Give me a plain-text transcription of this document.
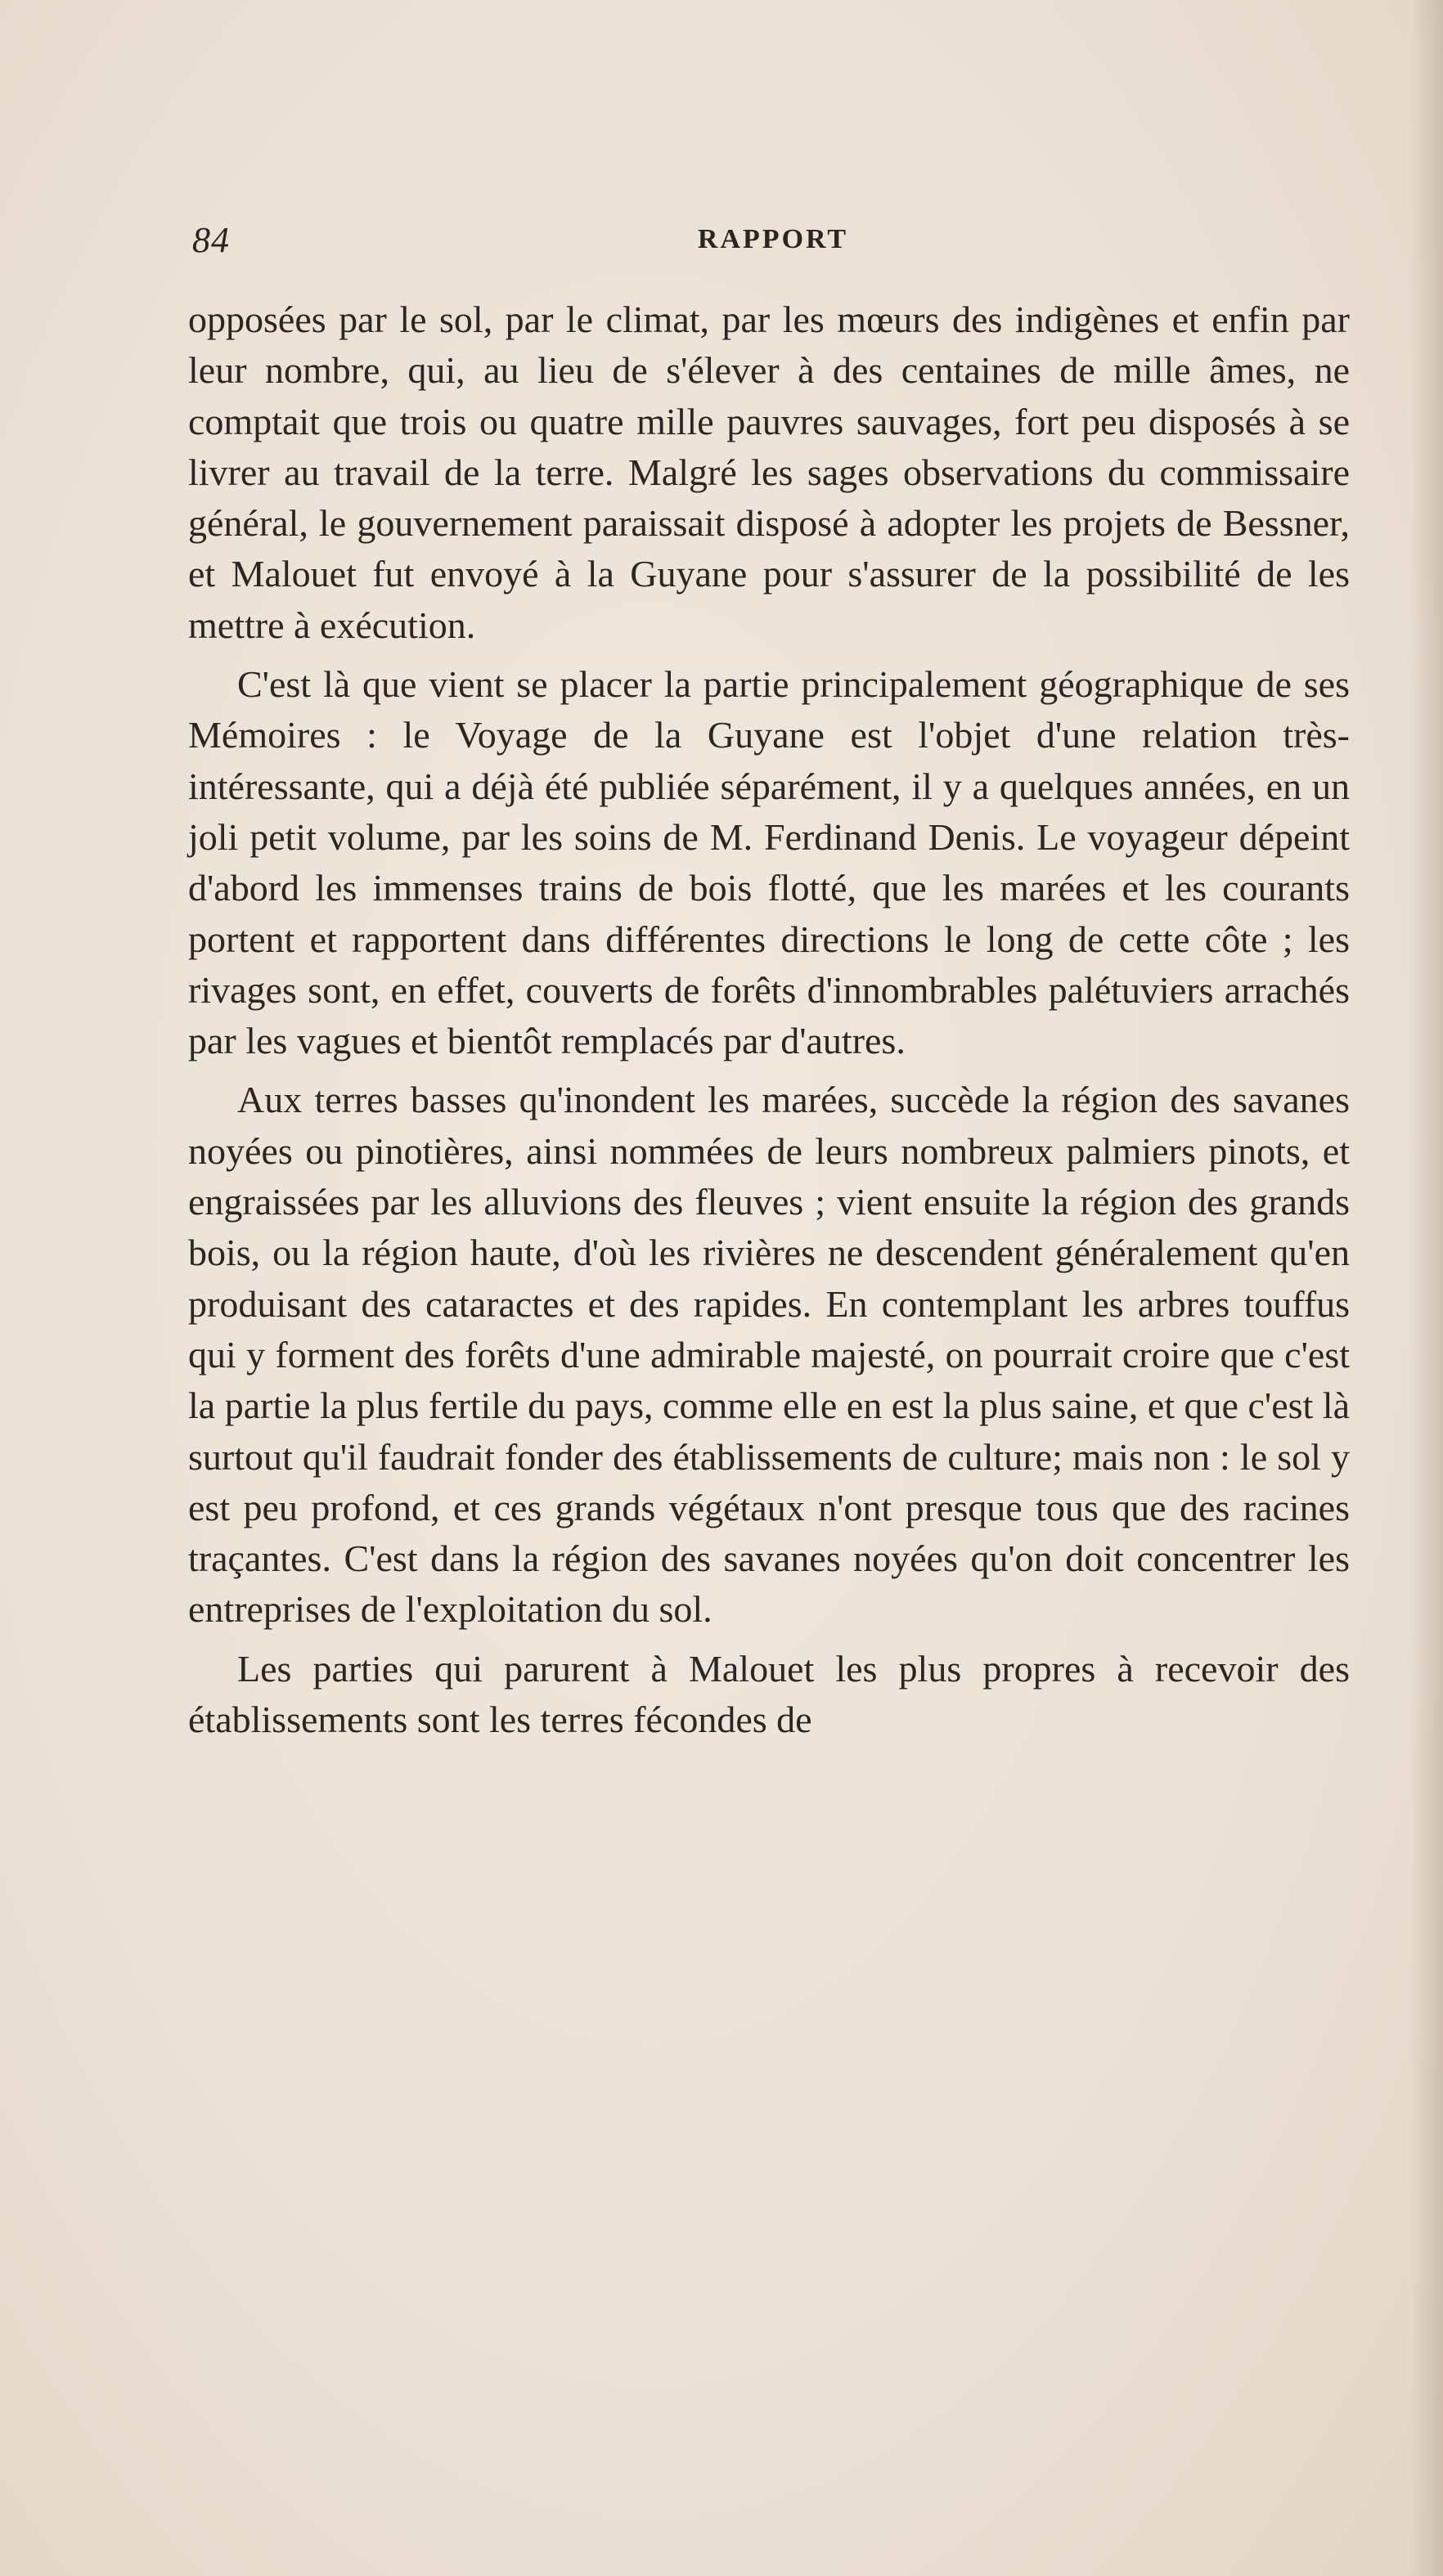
84	RAPPORT

opposées par le sol, par le climat, par les mœurs des indigènes et enfin par leur nombre, qui, au lieu de s'élever à des centaines de mille âmes, ne comptait que trois ou quatre mille pauvres sauvages, fort peu disposés à se livrer au travail de la terre. Malgré les sages observations du commissaire général, le gouvernement paraissait disposé à adopter les projets de Bessner, et Malouet fut envoyé à la Guyane pour s'assurer de la possibilité de les mettre à exécution.

C'est là que vient se placer la partie principalement géographique de ses Mémoires : le Voyage de la Guyane est l'objet d'une relation très-intéressante, qui a déjà été publiée séparément, il y a quelques années, en un joli petit volume, par les soins de M. Ferdinand Denis. Le voyageur dépeint d'abord les immenses trains de bois flotté, que les marées et les courants portent et rapportent dans différentes directions le long de cette côte ; les rivages sont, en effet, couverts de forêts d'innombrables palétuviers arrachés par les vagues et bientôt remplacés par d'autres.

Aux terres basses qu'inondent les marées, succède la région des savanes noyées ou pinotières, ainsi nommées de leurs nombreux palmiers pinots, et engraissées par les alluvions des fleuves ; vient ensuite la région des grands bois, ou la région haute, d'où les rivières ne descendent généralement qu'en produisant des cataractes et des rapides. En contemplant les arbres touffus qui y forment des forêts d'une admirable majesté, on pourrait croire que c'est la partie la plus fertile du pays, comme elle en est la plus saine, et que c'est là surtout qu'il faudrait fonder des établissements de culture; mais non : le sol y est peu profond, et ces grands végétaux n'ont presque tous que des racines traçantes. C'est dans la région des savanes noyées qu'on doit concentrer les entreprises de l'exploitation du sol.

Les parties qui parurent à Malouet les plus propres à recevoir des établissements sont les terres fécondes de
